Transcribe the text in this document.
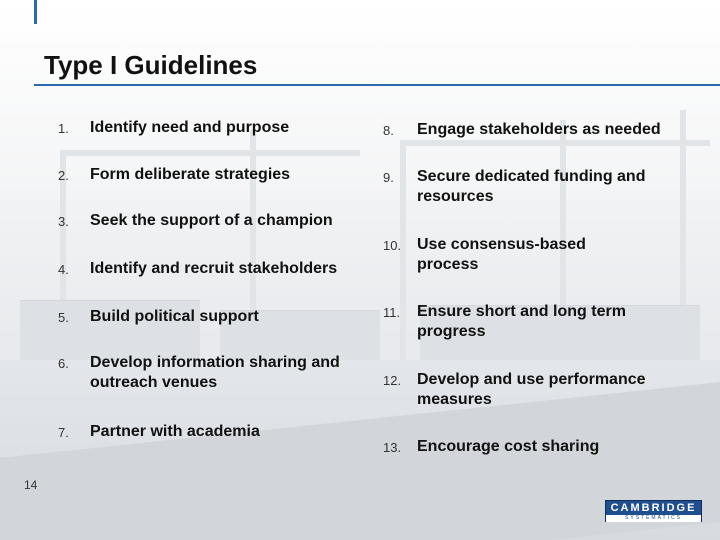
Type I Guidelines
1.	Identify need and purpose
2.	Form deliberate strategies
3.	Seek the support of a champion
4.	Identify and recruit stakeholders
5.	Build political support
6.	Develop information sharing and outreach venues
7.	Partner with academia
8.	Engage stakeholders as needed
9.	Secure dedicated funding and resources
10. Use consensus-based process
11.	Ensure short and long term progress
12. Develop and use performance measures
13. Encourage cost sharing
14
CAMBRIDGE
SYSTEMATICS
